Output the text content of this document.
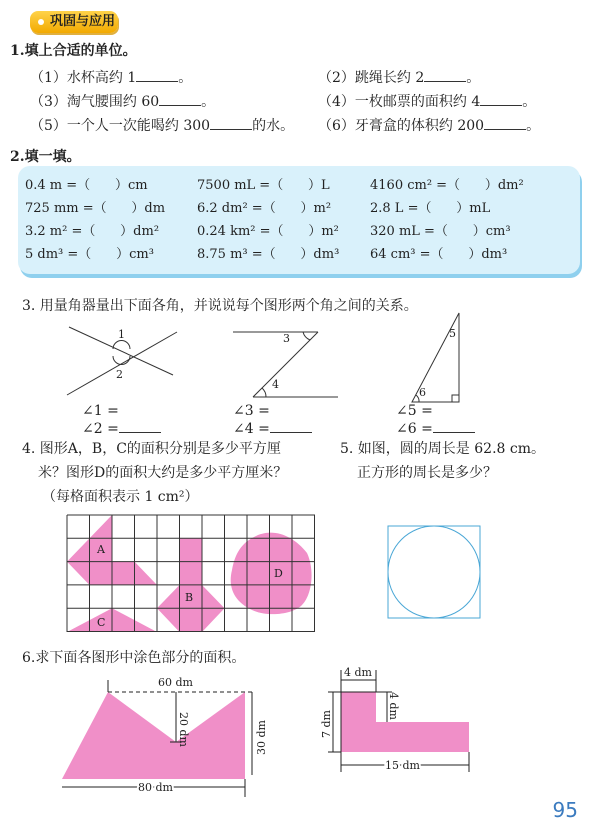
巩固与应用
1.填上合适的单位。
（1）水杯高约 1	。	（2）跳绳长约 2	。
（3）淘气腰围约 60	。	（4）一枚邮票的面积约 4	。
（5）一个人一次能喝约 300	的水。 （6）牙膏盒的体积约 200	。
2.填一填。
0.4 m =（      ）cm	7500 mL =（      ）L	4160 cm² =（      ）dm²
725 mm =（      ）dm 6.2 dm² =（      ）m²	2.8 L =（      ）mL
3.2 m² =（      ）dm²	0.24 km² =（      ）m² 320 mL =（      ）cm³
5 dm³ =（      ）cm³	8.75 m³ =（      ）dm³ 64 cm³ =（      ）dm³
3. 用量角器量出下面各角，并说说每个图形两个角之间的关系。
1
2
3
4
5
6
∠1 =
∠2 =
∠3 =
∠4 =
∠5 =
∠6 =
4. 图形A，B，C的面积分别是多少平方厘
米？图形D的面积大约是多少平方厘米？
（每格面积表示 1 cm²）
5. 如图，圆的周长是 62.8 cm。
正方形的周长是多少？
A
B
C
D
6.求下面各图形中涂色部分的面积。
60 dm
20 dm	30 dm
80 dm
4 dm
4 dm
7 dm
15 dm
95
